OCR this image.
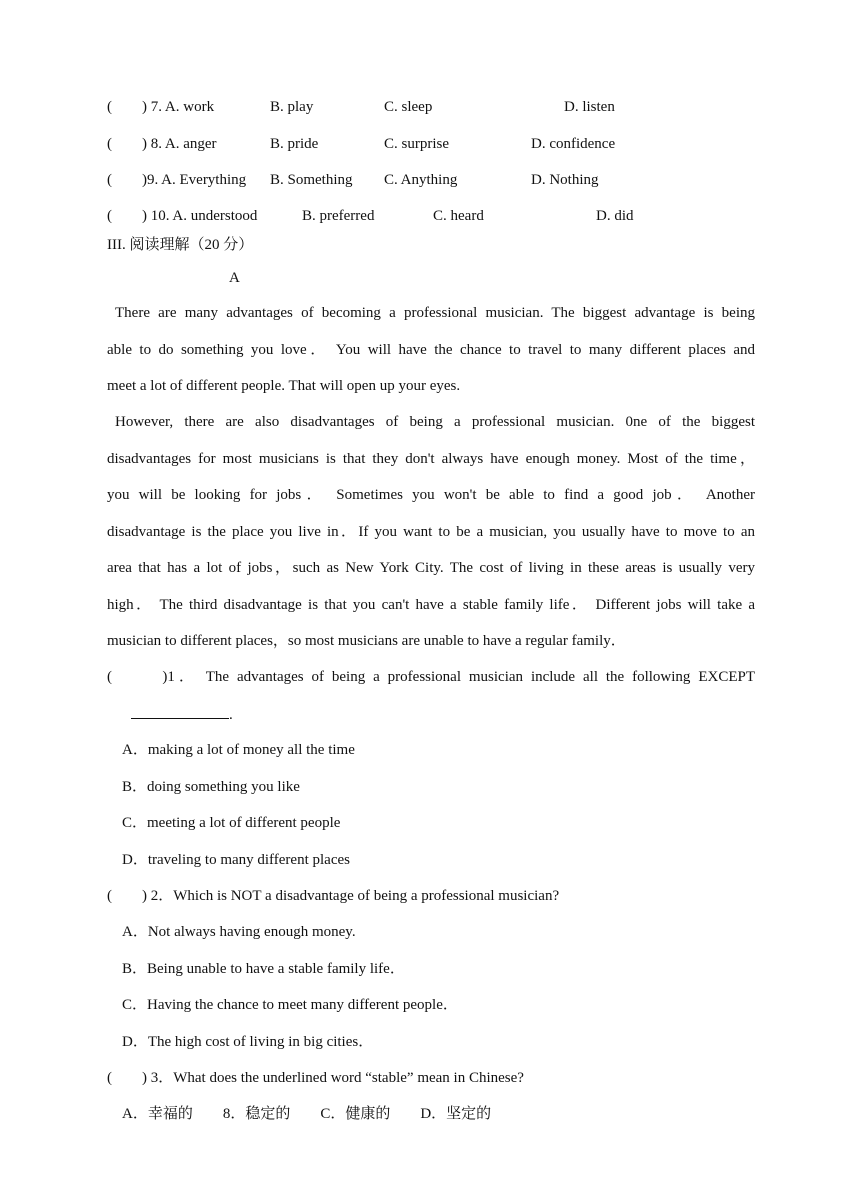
(　　) 7. A. work	B. play	C. sleep	D. listen
(　　) 8. A. anger	B. pride	C. surprise	D. confidence
(　　)9. A. Everything B. Something C. Anything	D. Nothing
(　　) 10. A. understood	B. preferred	C. heard	D. did
III. 阅读理解（20 分）
A
There are many advantages of becoming a professional musician. The biggest advantage is being
able to do something you love． You will have the chance to travel to many different places and
meet a lot of different people. That will open up your eyes.
However, there are also disadvantages of being a professional musician. 0ne of the biggest
disadvantages for most musicians is that they don't always have enough money. Most of the time，
you will be looking for jobs． Sometimes you won't be able to find a good job． Another
disadvantage is the place you live in．If you want to be a musician, you usually have to move to an
area that has a lot of jobs，such as New York City. The cost of living in these areas is usually very
high． The third disadvantage is that you can't have a stable family life． Different jobs will take a
musician to different places，so most musicians are unable to have a regular family．
(　　 )1． The advantages of being a professional musician include all the following EXCEPT
.
A．making a lot of money all the time
B．doing something you like
C．meeting a lot of different people
D．traveling to many different places
(　　) 2．Which is NOT a disadvantage of being a professional musician?
A．Not always having enough money.
B．Being unable to have a stable family life．
C．Having the chance to meet many different people．
D．The high cost of living in big cities．
(　　) 3．What does the underlined word “stable” mean in Chinese?
A．幸福的　　8．稳定的　　C．健康的　　D．坚定的
